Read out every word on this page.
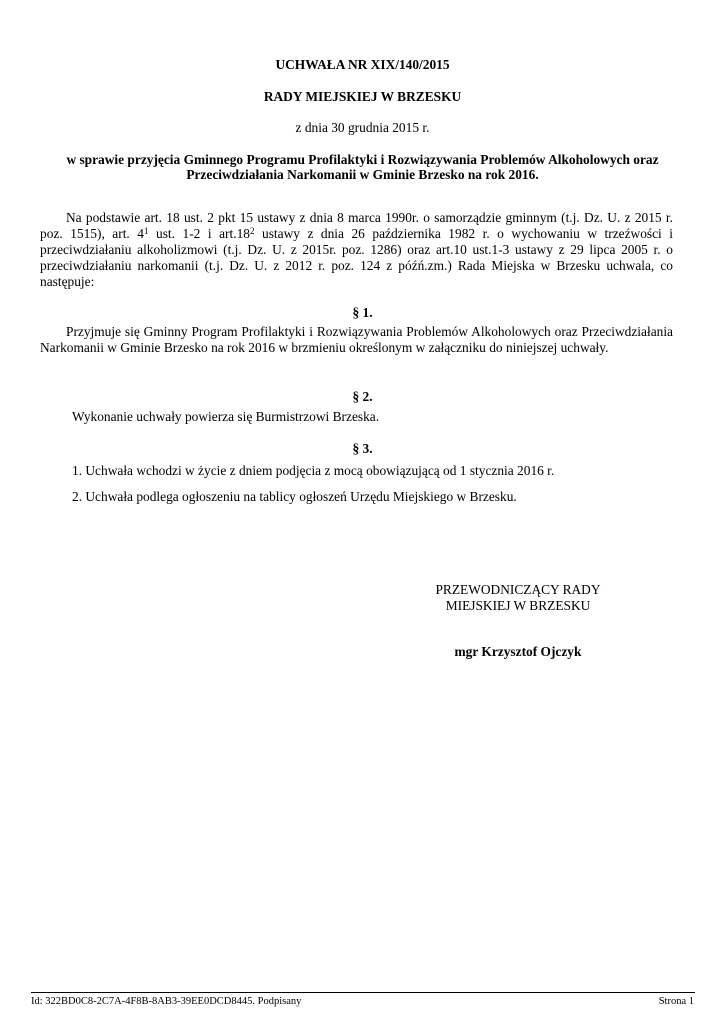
UCHWAŁA NR XIX/140/2015
RADY MIEJSKIEJ W BRZESKU
z dnia 30 grudnia 2015 r.
w sprawie przyjęcia Gminnego Programu Profilaktyki i Rozwiązywania Problemów Alkoholowych oraz
Przeciwdziałania Narkomanii w Gminie Brzesko na rok 2016.
Na podstawie art. 18 ust. 2 pkt 15 ustawy z dnia 8 marca 1990r. o samorządzie gminnym (t.j. Dz. U. z 2015 r. poz. 1515), art. $4^1$ ust. 1-2 i $art.18^2$ ustawy z dnia 26 października 1982 r. o wychowaniu w trzeźwości i przeciwdziałaniu alkoholizmowi (t.j. Dz. U. z 2015r. poz. 1286) oraz art.10 ust.1-3 ustawy z 29 lipca 2005 r. o przeciwdziałaniu narkomanii (t.j. Dz. U. z 2012 r. poz. 124 z późń.zm.) Rada Miejska w Brzesku uchwala, co następuje:
§ 1.
Przyjmuje się Gminny Program Profilaktyki i Rozwiązywania Problemów Alkoholowych oraz Przeciwdziałania Narkomanii w Gminie Brzesko na rok 2016 w brzmieniu określonym w załączniku do niniejszej uchwały.
§ 2.
Wykonanie uchwały powierza się Burmistrzowi Brzeska.
§ 3.
1. Uchwała wchodzi w życie z dniem podjęcia z mocą obowiązującą od 1 stycznia 2016 r.
2. Uchwała podlega ogłoszeniu na tablicy ogłoszeń Urzędu Miejskiego w Brzesku.
PRZEWODNICZĄCY RADY
MIEJSKIEJ W BRZESKU
mgr Krzysztof Ojczyk
Id: 322BD0C8-2C7A-4F8B-8AB3-39EE0DCD8445. Podpisany	Strona 1
